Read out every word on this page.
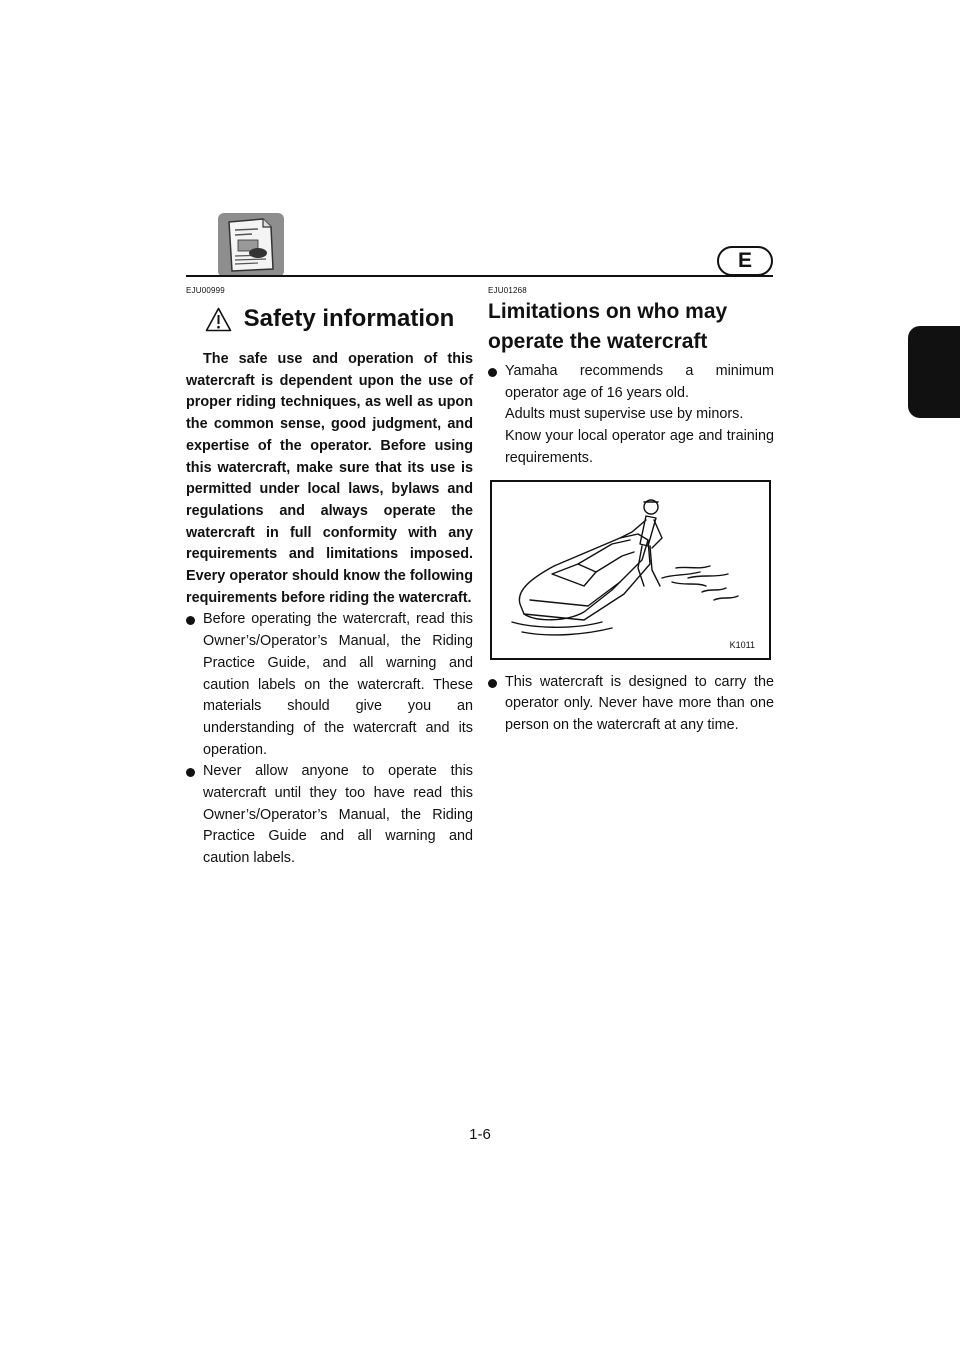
E
EJU00999
Safety information

The safe use and operation of this watercraft is dependent upon the use of proper riding techniques, as well as upon the common sense, good judgment, and expertise of the operator. Before using this watercraft, make sure that its use is permitted under local laws, bylaws and regulations and always operate the watercraft in full conformity with any requirements and limitations imposed. Every operator should know the following requirements before riding the watercraft.

Before operating the watercraft, read this Owner’s/Operator’s Manual, the Riding Practice Guide, and all warning and caution labels on the watercraft. These materials should give you an understanding of the watercraft and its operation.
Never allow anyone to operate this watercraft until they too have read this Owner’s/Operator’s Manual, the Riding Practice Guide and all warning and caution labels.
EJU01268
Limitations on who may
operate the watercraft
Yamaha recommends a minimum operator age of 16 years old.
Adults must supervise use by minors.
Know your local operator age and training requirements.
K1011
This watercraft is designed to carry the operator only. Never have more than one person on the watercraft at any time.
1-6
